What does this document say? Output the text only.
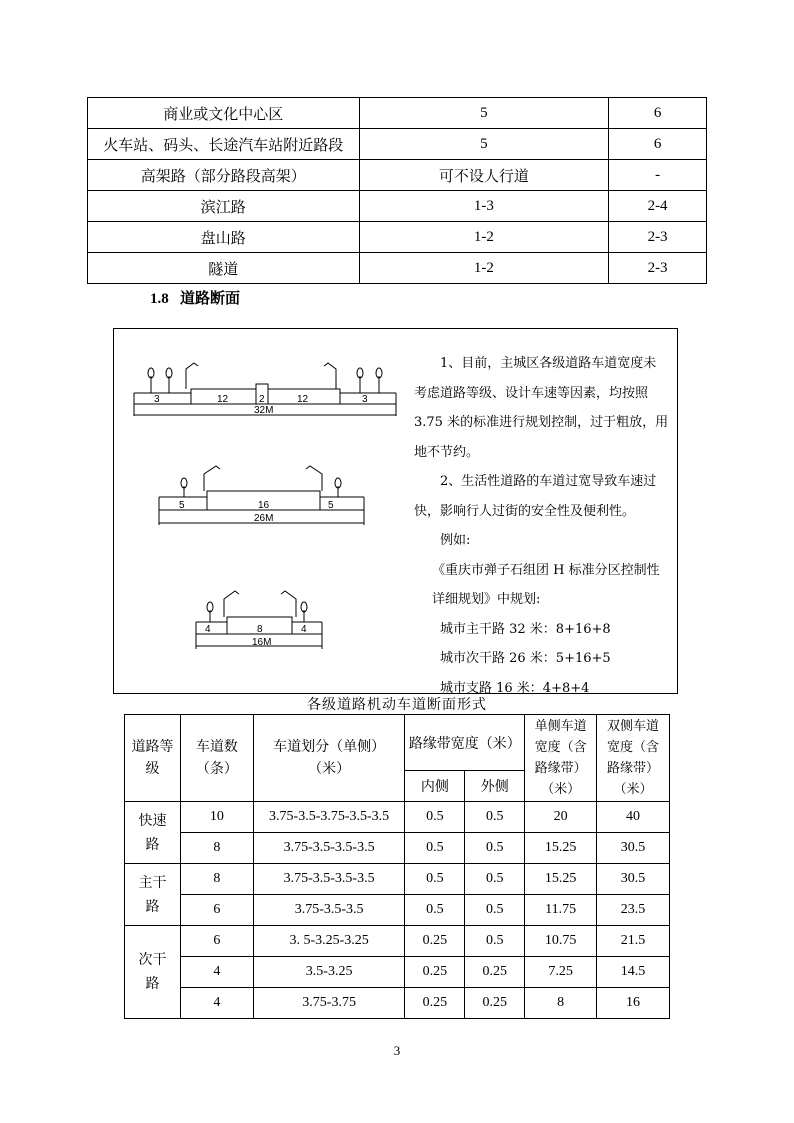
商业或文化中心区	5	6
火车站、码头、长途汽车站附近路段	5	6
高架路（部分路段高架）	可不设人行道	-
滨江路	1-3	2-4
盘山路	1-2	2-3
隧道	1-2	2-3
1.8 道路断面
3	12	2	12	3
32M
5	16	5
26M
4	8	4
16M

1、目前，主城区各级道路车道宽度未考虑道路等级、设计车速等因素，均按照 3.75 米的标准进行规划控制，过于粗放，用地不节约。

2、生活性道路的车道过宽导致车速过快，影响行人过街的安全性及便利性。

例如:

《重庆市弹子石组团 H 标准分区控制性详细规划》中规划:

城市主干路 32 米：8+16+8

城市次干路 26 米：5+16+5

城市支路 16 米：4+8+4

各级道路机动车道断面形式
道路等级	车道数（条）	车道划分（单侧）（米）	路缘带宽度（米）		单侧车道宽度（含路缘带）（米）	双侧车道宽度（含路缘带）（米）
			内侧	外侧		
快速路	10	3.75-3.5-3.75-3.5-3.5	0.5	0.5	20	40
	8	3.75-3.5-3.5-3.5	0.5	0.5	15.25	30.5
主干路	8	3.75-3.5-3.5-3.5	0.5	0.5	15.25	30.5
	6	3.75-3.5-3.5	0.5	0.5	11.75	23.5
次干路	6	3. 5-3.25-3.25	0.25	0.5	10.75	21.5
	4	3.5-3.25	0.25	0.25	7.25	14.5
	4	3.75-3.75	0.25	0.25	8	16
3
